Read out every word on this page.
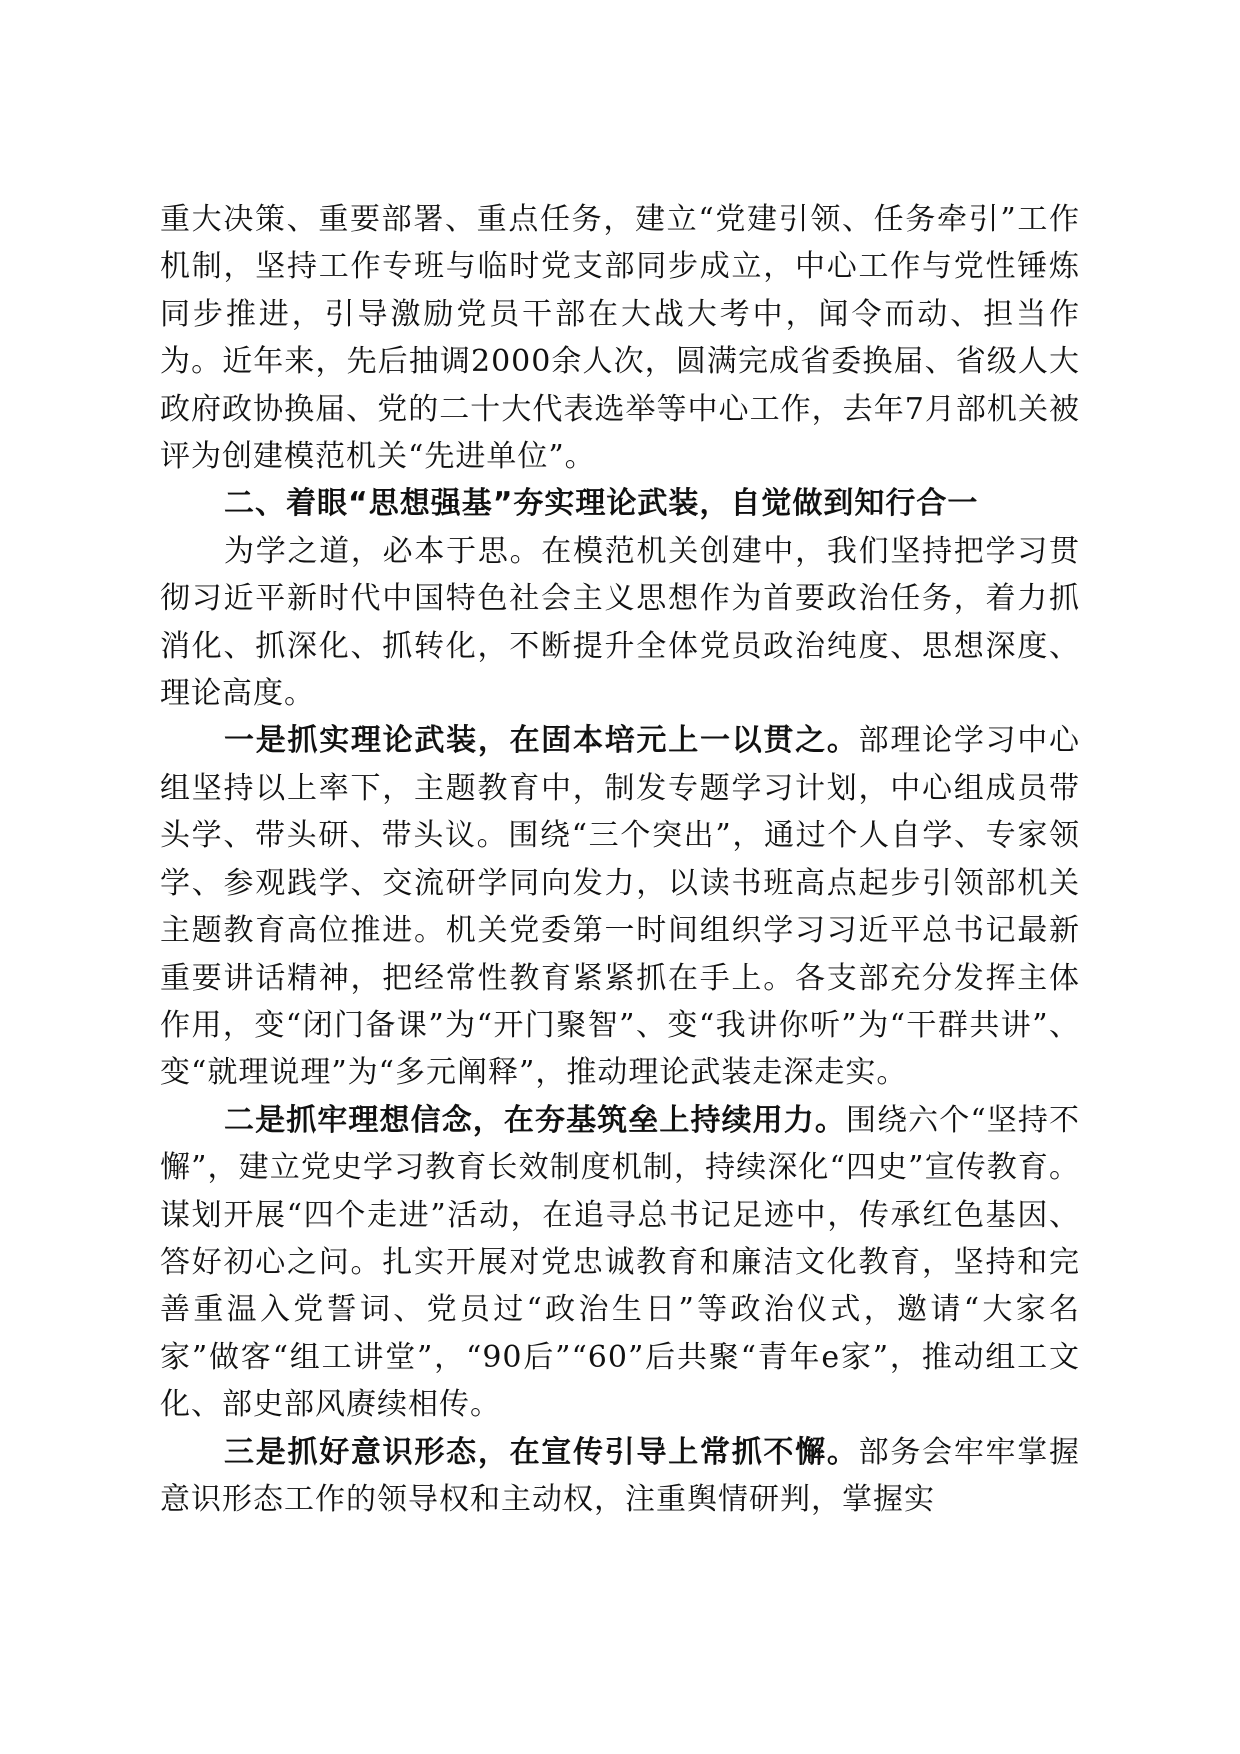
重大决策、重要部署、重点任务，建立“党建引领、任务牵引”工作机制，坚持工作专班与临时党支部同步成立，中心工作与党性锤炼同步推进，引导激励党员干部在大战大考中，闻令而动、担当作为。近年来，先后抽调2000余人次，圆满完成省委换届、省级人大政府政协换届、党的二十大代表选举等中心工作，去年7月部机关被评为创建模范机关“先进单位”。

二、着眼“思想强基”夯实理论武装，自觉做到知行合一

为学之道，必本于思。在模范机关创建中，我们坚持把学习贯彻习近平新时代中国特色社会主义思想作为首要政治任务，着力抓消化、抓深化、抓转化，不断提升全体党员政治纯度、思想深度、理论高度。

一是抓实理论武装，在固本培元上一以贯之。部理论学习中心组坚持以上率下，主题教育中，制发专题学习计划，中心组成员带头学、带头研、带头议。围绕“三个突出”，通过个人自学、专家领学、参观践学、交流研学同向发力，以读书班高点起步引领部机关主题教育高位推进。机关党委第一时间组织学习习近平总书记最新重要讲话精神，把经常性教育紧紧抓在手上。各支部充分发挥主体作用，变“闭门备课”为“开门聚智”、变“我讲你听”为“干群共讲”、变“就理说理”为“多元阐释”，推动理论武装走深走实。

二是抓牢理想信念，在夯基筑垒上持续用力。围绕六个“坚持不懈”，建立党史学习教育长效制度机制，持续深化“四史”宣传教育。谋划开展“四个走进”活动，在追寻总书记足迹中，传承红色基因、答好初心之问。扎实开展对党忠诚教育和廉洁文化教育，坚持和完善重温入党誓词、党员过“政治生日”等政治仪式，邀请“大家名家”做客“组工讲堂”，“90后”“60”后共聚“青年e家”，推动组工文化、部史部风赓续相传。

三是抓好意识形态，在宣传引导上常抓不懈。部务会牢牢掌握意识形态工作的领导权和主动权，注重舆情研判，掌握实
